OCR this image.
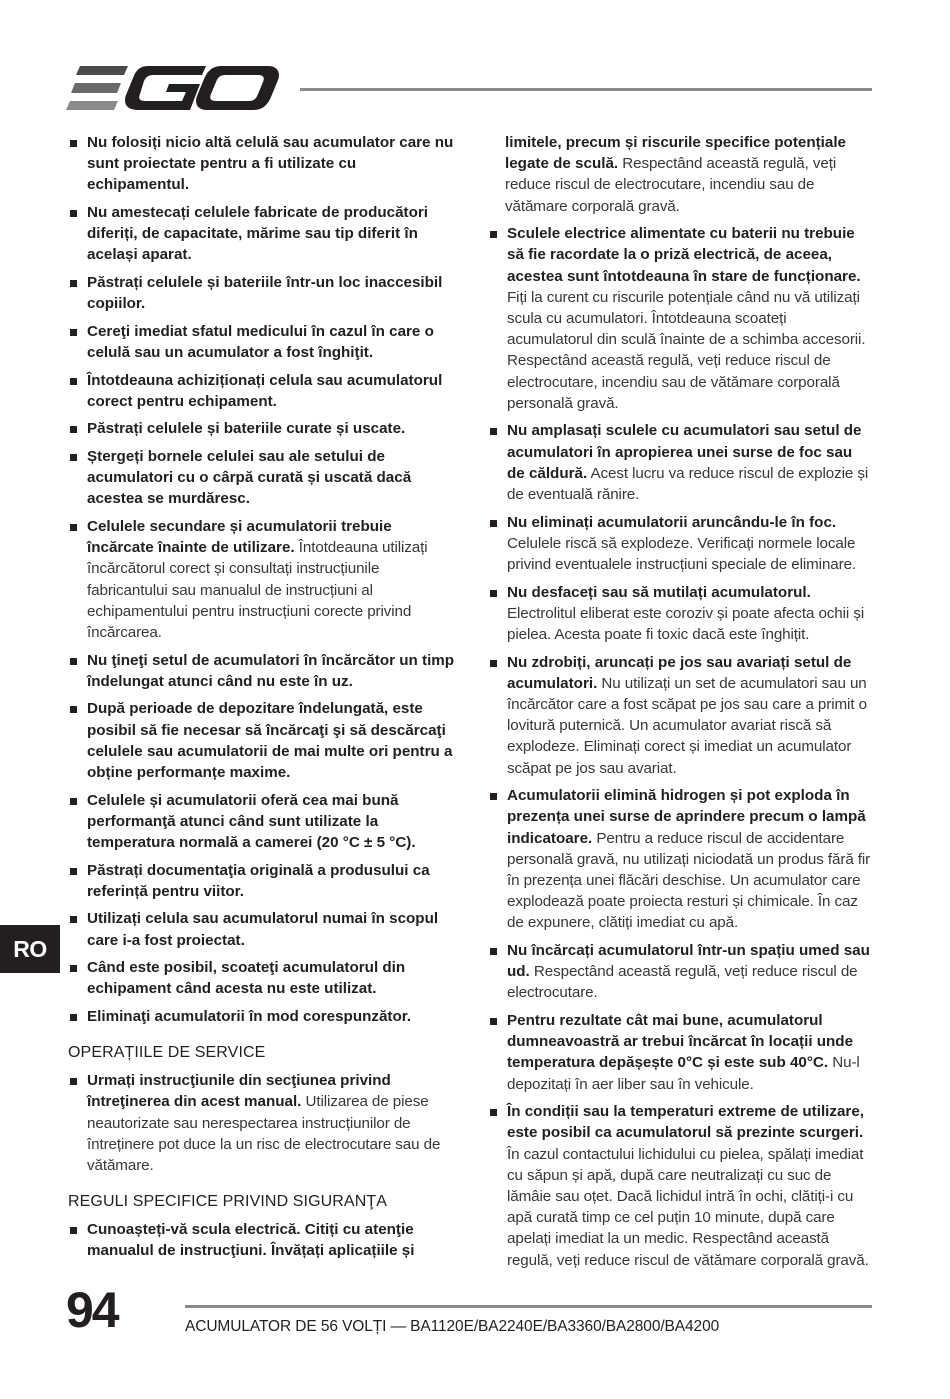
Nu folosiți nicio altă celulă sau acumulator care nu sunt proiectate pentru a fi utilizate cu echipamentul.
Nu amestecați celulele fabricate de producători diferiți, de capacitate, mărime sau tip diferit în același aparat.
Păstrați celulele și bateriile într-un loc inaccesibil copiilor.
Cereţi imediat sfatul medicului în cazul în care o celulă sau un acumulator a fost înghiţit.
Întotdeauna achiziționați celula sau acumulatorul corect pentru echipament.
Păstrați celulele și bateriile curate și uscate.
Ștergeți bornele celulei sau ale setului de acumulatori cu o cârpă curată și uscată dacă acestea se murdăresc.
Celulele secundare și acumulatorii trebuie încărcate înainte de utilizare. Întotdeauna utilizați încărcătorul corect și consultați instrucțiunile fabricantului sau manualul de instrucțiuni al echipamentului pentru instrucțiuni corecte privind încărcarea.
Nu ţineţi setul de acumulatori în încărcător un timp îndelungat atunci când nu este în uz.
După perioade de depozitare îndelungată, este posibil să fie necesar să încărcaţi şi să descărcaţi celulele sau acumulatorii de mai multe ori pentru a obține performanțe maxime.
Celulele și acumulatorii oferă cea mai bună performanţă atunci când sunt utilizate la temperatura normală a camerei (20 °C ± 5 °C).
Păstrați documentaţia originală a produsului ca referință pentru viitor.
Utilizați celula sau acumulatorul numai în scopul care i-a fost proiectat.
Când este posibil, scoateţi acumulatorul din echipament când acesta nu este utilizat.
Eliminaţi acumulatorii în mod corespunzător.
OPERAȚIILE DE SERVICE
Urmați instrucţiunile din secţiunea privind întreţinerea din acest manual. Utilizarea de piese neautorizate sau nerespectarea instrucțiunilor de întreținere pot duce la un risc de electrocutare sau de vătămare.
REGULI SPECIFICE PRIVIND SIGURANŢA
Cunoașteți-vă scula electrică. Citiți cu atenţie manualul de instrucţiuni. Învățați aplicațiile și
limitele, precum și riscurile specifice potențiale legate de sculă. Respectând această regulă, veți reduce riscul de electrocutare, incendiu sau de vătămare corporală gravă.
Sculele electrice alimentate cu baterii nu trebuie să fie racordate la o priză electrică, de aceea, acestea sunt întotdeauna în stare de funcționare. Fiți la curent cu riscurile potențiale când nu vă utilizați scula cu acumulatori. Întotdeauna scoateți acumulatorul din sculă înainte de a schimba accesorii. Respectând această regulă, veți reduce riscul de electrocutare, incendiu sau de vătămare corporală personală gravă.
Nu amplasați sculele cu acumulatori sau setul de acumulatori în apropierea unei surse de foc sau de căldură. Acest lucru va reduce riscul de explozie și de eventuală rănire.
Nu eliminați acumulatorii aruncându-le în foc. Celulele riscă să explodeze. Verificați normele locale privind eventualele instrucțiuni speciale de eliminare.
Nu desfaceți sau să mutilați acumulatorul. Electrolitul eliberat este coroziv și poate afecta ochii și pielea. Acesta poate fi toxic dacă este înghițit.
Nu zdrobiți, aruncați pe jos sau avariați setul de acumulatori. Nu utilizați un set de acumulatori sau un încărcător care a fost scăpat pe jos sau care a primit o lovitură puternică. Un acumulator avariat riscă să explodeze. Eliminați corect și imediat un acumulator scăpat pe jos sau avariat.
Acumulatorii elimină hidrogen și pot exploda în prezența unei surse de aprindere precum o lampă indicatoare. Pentru a reduce riscul de accidentare personală gravă, nu utilizați niciodată un produs fără fir în prezența unei flăcări deschise. Un acumulator care explodează poate proiecta resturi și chimicale. În caz de expunere, clătiți imediat cu apă.
Nu încărcați acumulatorul într-un spațiu umed sau ud. Respectând această regulă, veți reduce riscul de electrocutare.
Pentru rezultate cât mai bune, acumulatorul dumneavoastră ar trebui încărcat în locații unde temperatura depășește 0°C și este sub 40°C. Nu-l depozitați în aer liber sau în vehicule.
În condiții sau la temperaturi extreme de utilizare, este posibil ca acumulatorul să prezinte scurgeri. În cazul contactului lichidului cu pielea, spălați imediat cu săpun și apă, după care neutralizați cu suc de lămâie sau oțet. Dacă lichidul intră în ochi, clătiți-i cu apă curată timp ce cel puțin 10 minute, după care apelați imediat la un medic. Respectând această regulă, veți reduce riscul de vătămare corporală gravă.
RO
94	ACUMULATOR DE 56 VOLȚI — BA1120E/BA2240E/BA3360/BA2800/BA4200
